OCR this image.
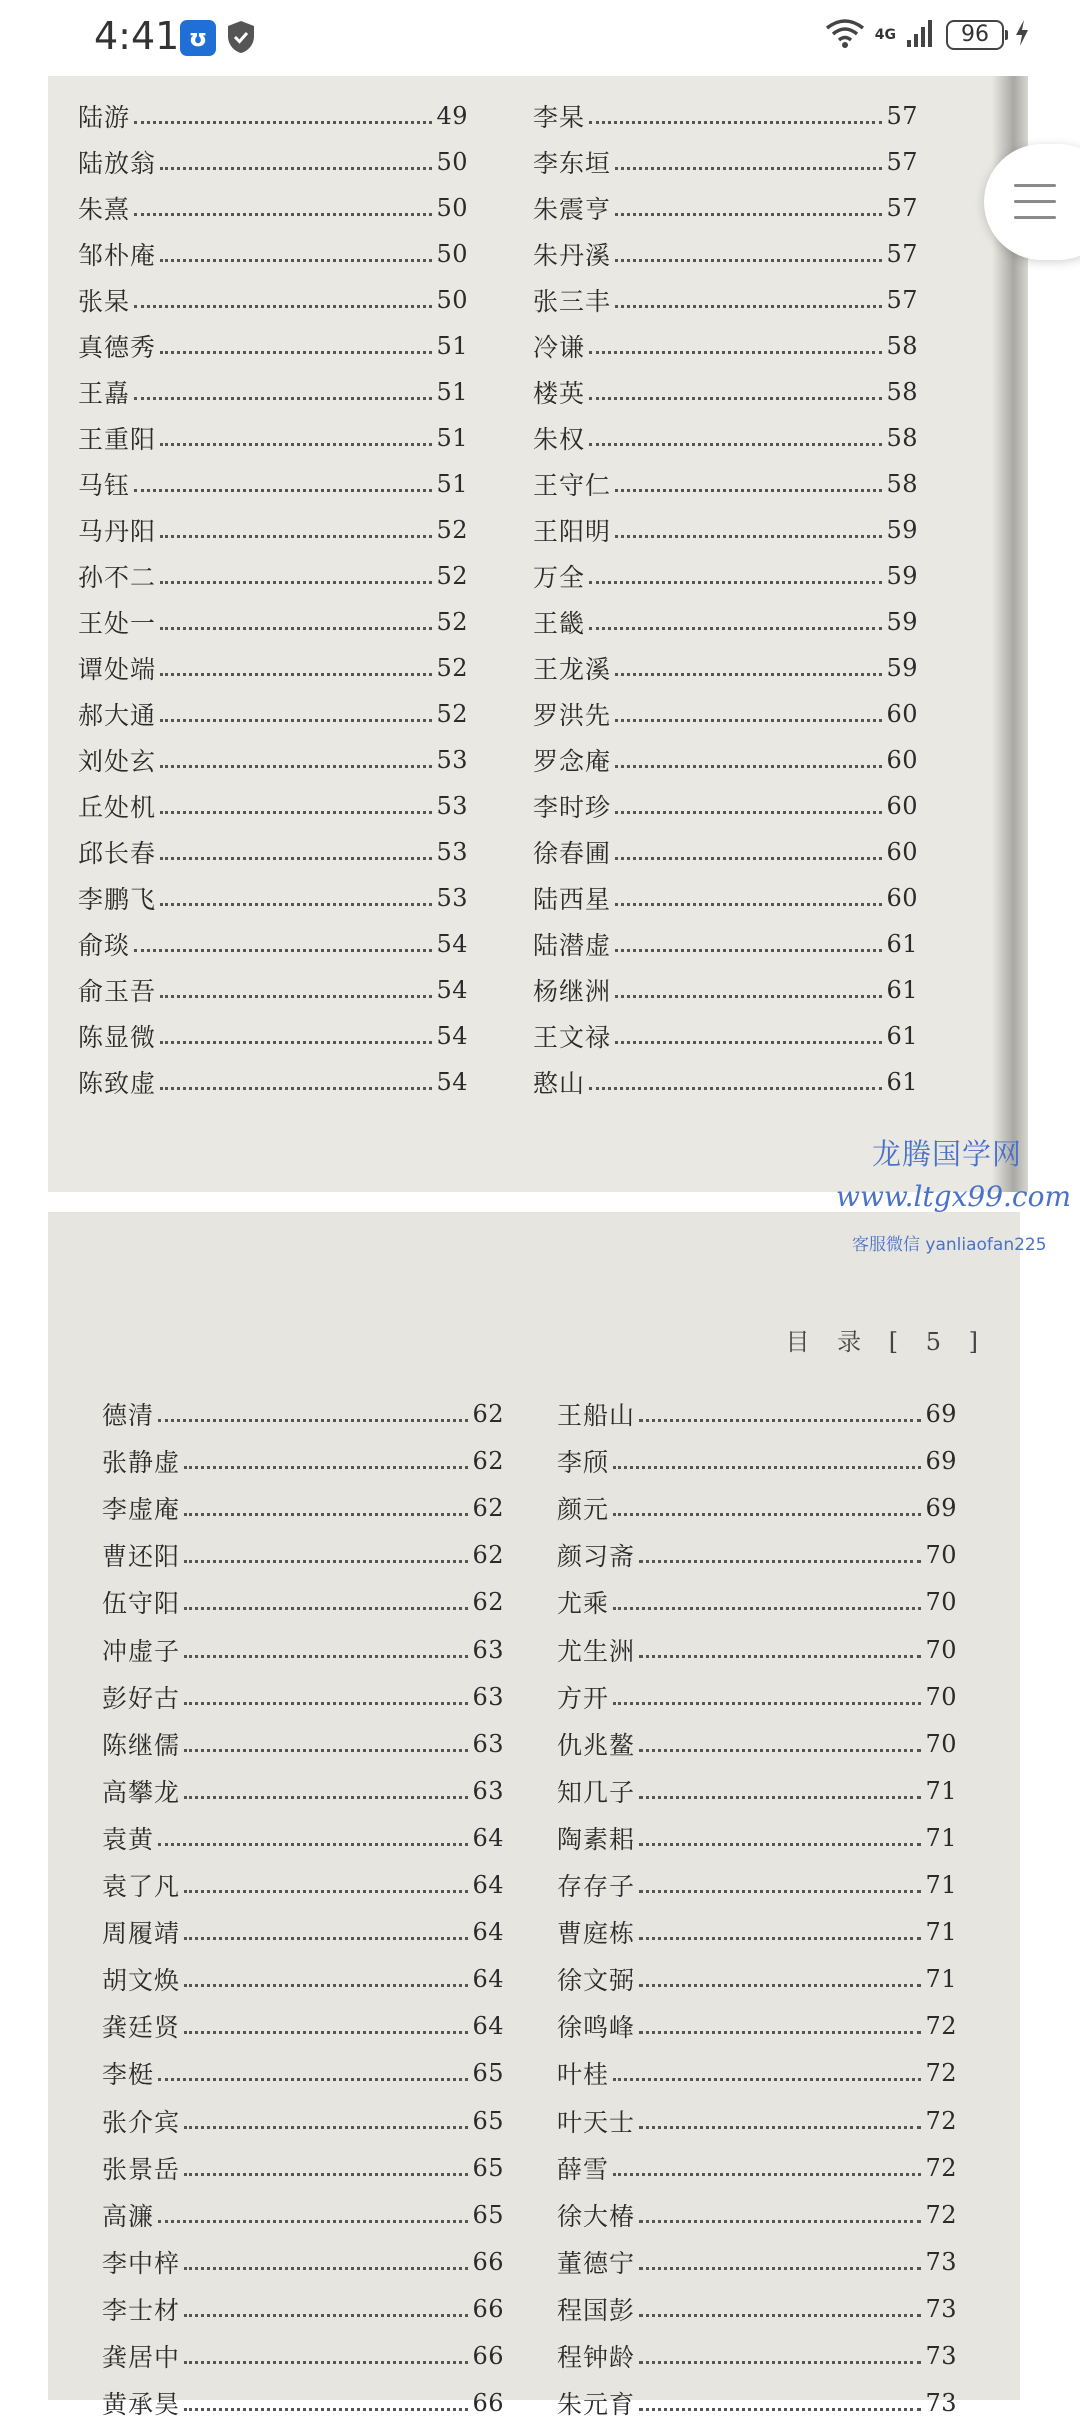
4:41 ʊ	4G	96
目 录 [ 5 ]
陆游	49
陆放翁	50
朱熹	50
邹朴庵	50
张杲	50
真德秀	51
王嚞	51
王重阳	51
马钰	51
马丹阳	52
孙不二	52
王处一	52
谭处端	52
郝大通	52
刘处玄	53
丘处机	53
邱长春	53
李鹏飞	53
俞琰	54
俞玉吾	54
陈显微	54
陈致虚	54
李杲	57
李东垣	57
朱震亨	57
朱丹溪	57
张三丰	57
冷谦	58
楼英	58
朱权	58
王守仁	58
王阳明	59
万全	59
王畿	59
王龙溪	59
罗洪先	60
罗念庵	60
李时珍	60
徐春圃	60
陆西星	60
陆潜虚	61
杨继洲	61
王文禄	61
憨山	61
德清	62
张静虚	62
李虚庵	62
曹还阳	62
伍守阳	62
冲虚子	63
彭好古	63
陈继儒	63
高攀龙	63
袁黄	64
袁了凡	64
周履靖	64
胡文焕	64
龚廷贤	64
李梃	65
张介宾	65
张景岳	65
高濂	65
李中梓	66
李士材	66
龚居中	66
黄承昊	66
王船山	69
李颀	69
颜元	69
颜习斋	70
尤乘	70
尤生洲	70
方开	70
仇兆鳌	70
知几子	71
陶素耜	71
存存子	71
曹庭栋	71
徐文弼	71
徐鸣峰	72
叶桂	72
叶天士	72
薛雪	72
徐大椿	72
董德宁	73
程国彭	73
程钟龄	73
朱元育	73
龙腾国学网
www.ltgx99.com
客服微信 yanliaofan225
